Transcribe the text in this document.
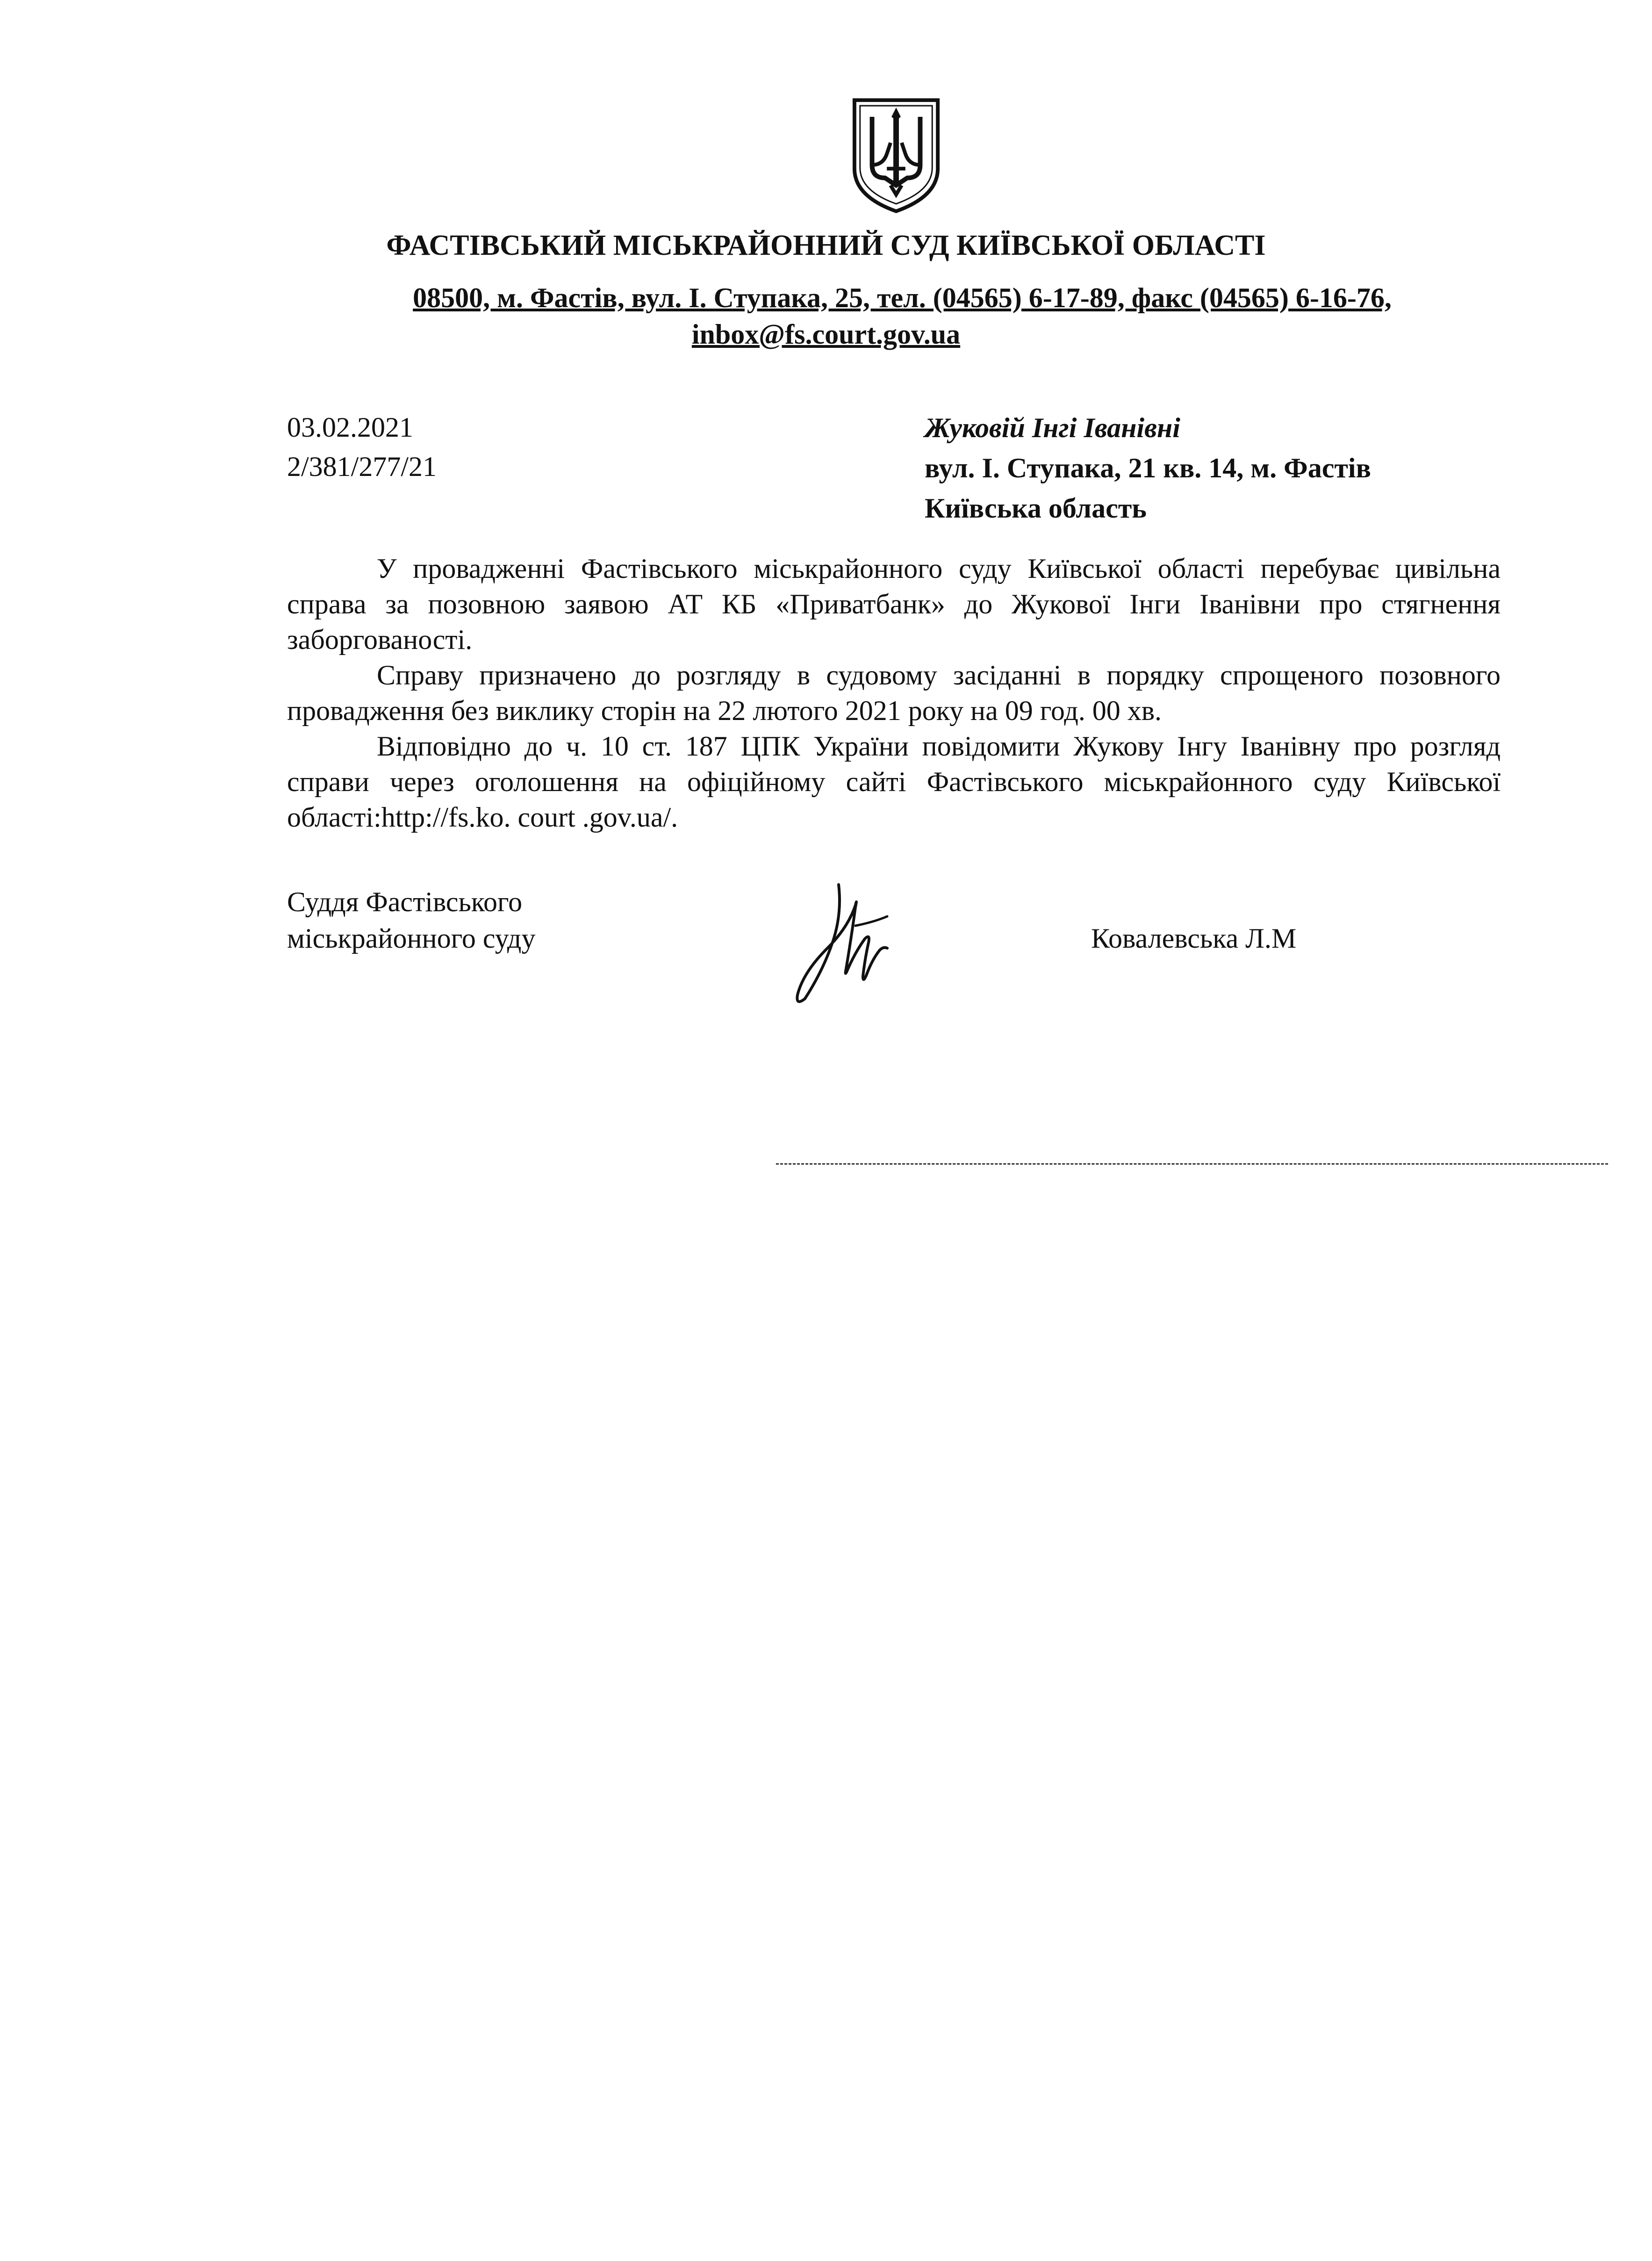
ФАСТІВСЬКИЙ МІСЬКРАЙОННИЙ СУД КИЇВСЬКОЇ ОБЛАСТІ
08500, м. Фастів, вул. І. Ступака, 25, тел. (04565) 6-17-89, факс (04565) 6-16-76,
inbox@fs.court.gov.ua
03.02.2021
2/381/277/21
Жуковій Інгі Іванівні
вул. І. Ступака, 21 кв. 14, м. Фастів
Київська область

У провадженні Фастівського міськрайонного суду Київської області перебуває цивільна справа за позовною заявою АТ КБ «Приватбанк» до Жукової Інги Іванівни про стягнення заборгованості.

Справу призначено до розгляду в судовому засіданні в порядку спрощеного позовного провадження без виклику сторін на 22 лютого 2021 року на 09 год. 00 хв.

Відповідно до ч. 10 ст. 187 ЦПК України повідомити Жукову Інгу Іванівну про розгляд справи через оголошення на офіційному сайті Фастівського міськрайонного суду Київської області:http://fs.ko. court .gov.ua/.

Суддя Фастівського
міськрайонного суду	Ковалевська Л.М
